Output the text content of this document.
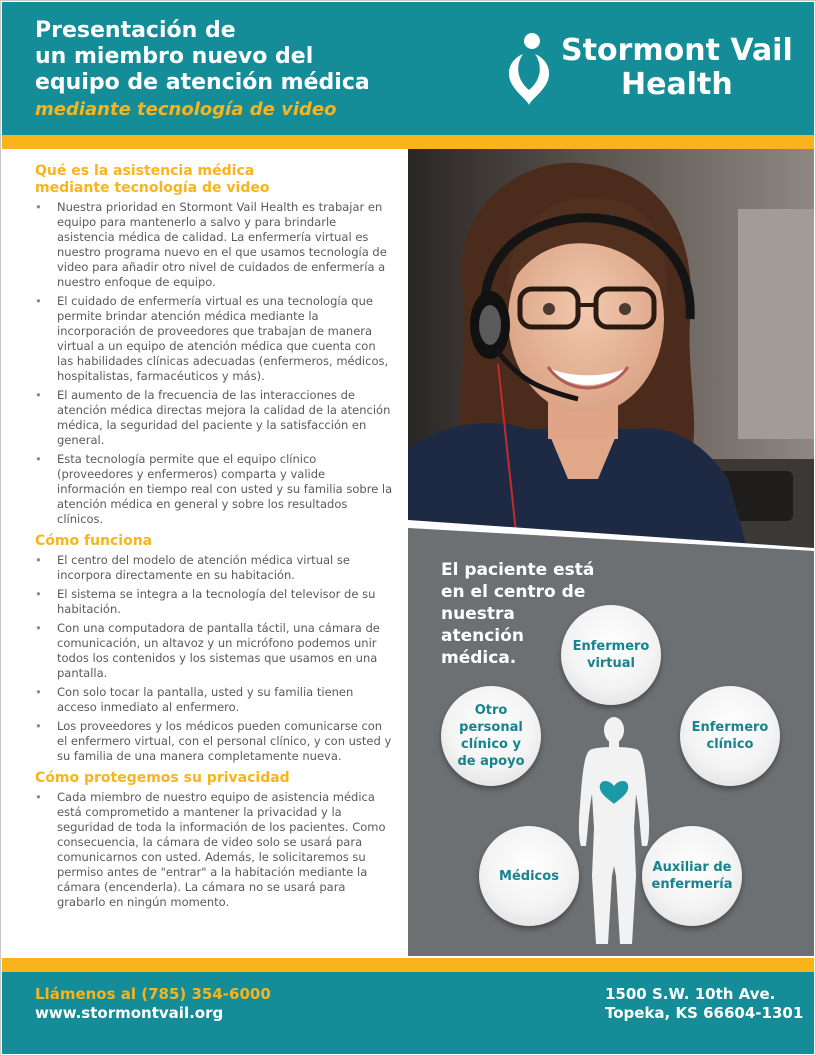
Presentación de
un miembro nuevo del
equipo de atención médica
mediante tecnología de video
Stormont Vail
Health
Qué es la asistencia médica
mediante tecnología de video
• Nuestra prioridad en Stormont Vail Health es trabajar en equipo para mantenerlo a salvo y para brindarle asistencia médica de calidad. La enfermería virtual es nuestro programa nuevo en el que usamos tecnología de video para añadir otro nivel de cuidados de enfermería a nuestro enfoque de equipo.
• El cuidado de enfermería virtual es una tecnología que permite brindar atención médica mediante la incorporación de proveedores que trabajan de manera virtual a un equipo de atención médica que cuenta con las habilidades clínicas adecuadas (enfermeros, médicos, hospitalistas, farmacéuticos y más).
• El aumento de la frecuencia de las interacciones de atención médica directas mejora la calidad de la atención médica, la seguridad del paciente y la satisfacción en general.
• Esta tecnología permite que el equipo clínico (proveedores y enfermeros) comparta y valide información en tiempo real con usted y su familia sobre la atención médica en general y sobre los resultados clínicos.
Cómo funciona
• El centro del modelo de atención médica virtual se incorpora directamente en su habitación.
• El sistema se integra a la tecnología del televisor de su habitación.
• Con una computadora de pantalla táctil, una cámara de comunicación, un altavoz y un micrófono podemos unir todos los contenidos y los sistemas que usamos en una pantalla.
• Con solo tocar la pantalla, usted y su familia tienen acceso inmediato al enfermero.
• Los proveedores y los médicos pueden comunicarse con el enfermero virtual, con el personal clínico, y con usted y su familia de una manera completamente nueva.
Cómo protegemos su privacidad
• Cada miembro de nuestro equipo de asistencia médica está comprometido a mantener la privacidad y la seguridad de toda la información de los pacientes. Como consecuencia, la cámara de video solo se usará para comunicarnos con usted. Además, le solicitaremos su permiso antes de "entrar" a la habitación mediante la cámara (encenderla). La cámara no se usará para grabarlo en ningún momento.
El paciente está en el centro de nuestra atención médica.
Enfermero
virtual
Otro
personal
clínico y
de apoyo
Enfermero
clínico
Médicos
Auxiliar de
enfermería
Llámenos al (785) 354-6000
www.stormontvail.org
1500 S.W. 10th Ave.
Topeka, KS 66604-1301
